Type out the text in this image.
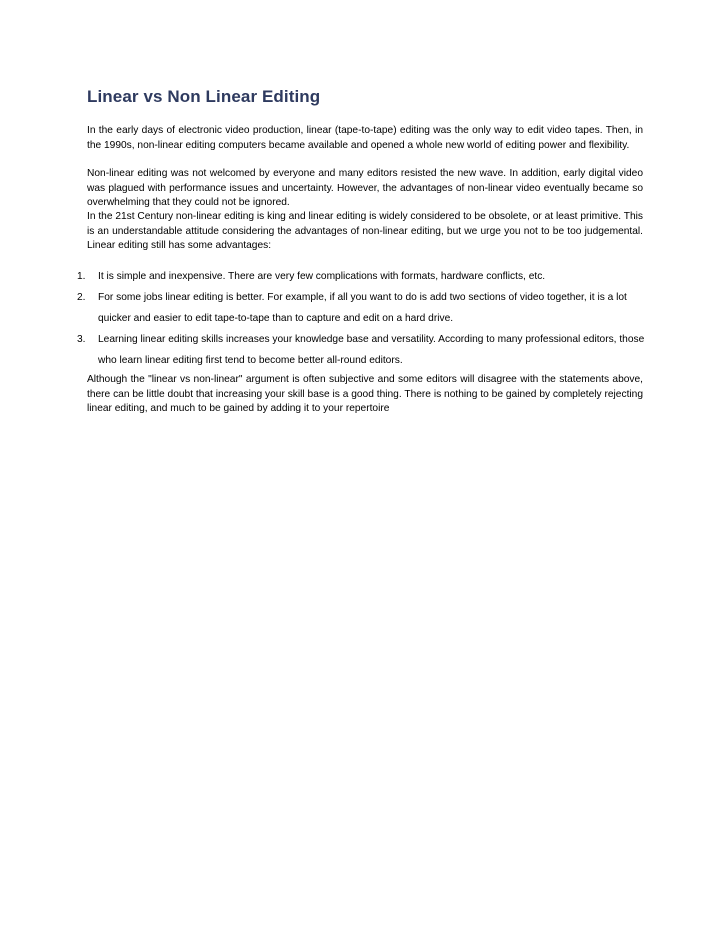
Linear vs Non Linear Editing

In the early days of electronic video production, linear (tape-to-tape) editing was the only way to edit video tapes. Then, in the 1990s, non-linear editing computers became available and opened a whole new world of editing power and flexibility.

Non-linear editing was not welcomed by everyone and many editors resisted the new wave. In addition, early digital video was plagued with performance issues and uncertainty. However, the advantages of non-linear video eventually became so overwhelming that they could not be ignored.

In the 21st Century non-linear editing is king and linear editing is widely considered to be obsolete, or at least primitive. This is an understandable attitude considering the advantages of non-linear editing, but we urge you not to be too judgemental. Linear editing still has some advantages:

1. It is simple and inexpensive. There are very few complications with formats, hardware conflicts, etc.
2. For some jobs linear editing is better. For example, if all you want to do is add two sections of video together, it is a lot quicker and easier to edit tape-to-tape than to capture and edit on a hard drive.
3. Learning linear editing skills increases your knowledge base and versatility. According to many professional editors, those who learn linear editing first tend to become better all-round editors.

Although the "linear vs non-linear" argument is often subjective and some editors will disagree with the statements above, there can be little doubt that increasing your skill base is a good thing. There is nothing to be gained by completely rejecting linear editing, and much to be gained by adding it to your repertoire
